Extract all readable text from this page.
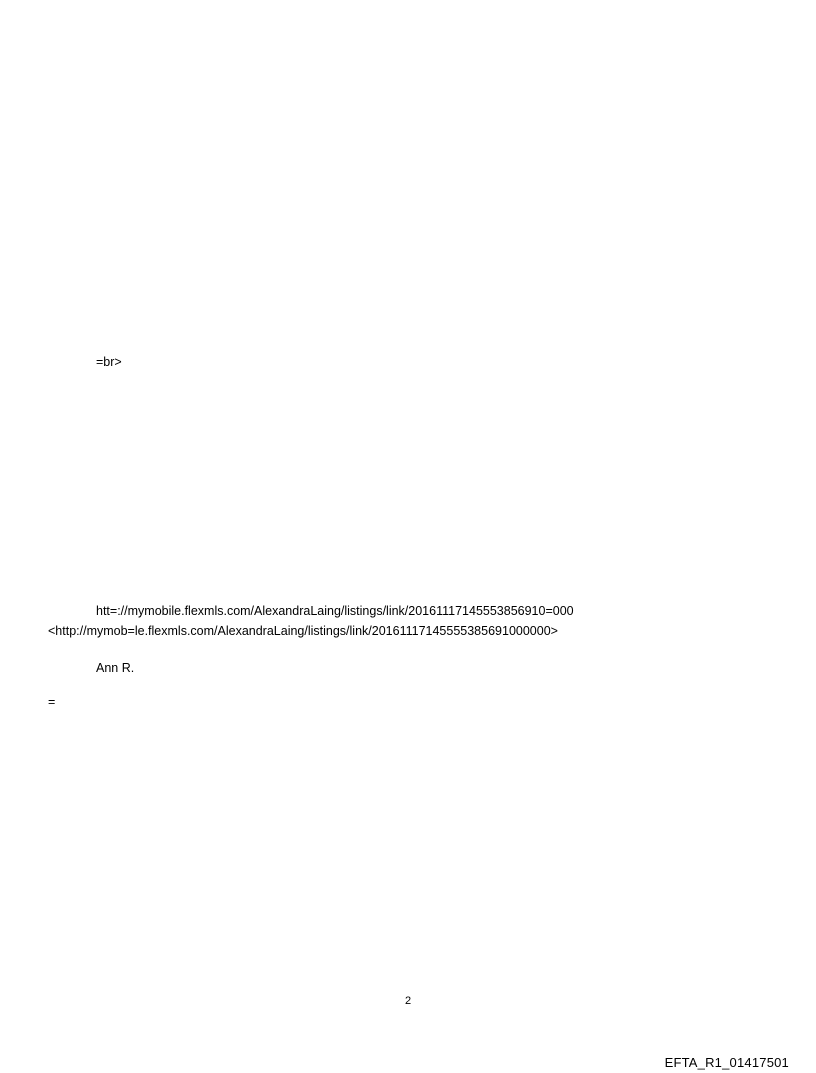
=br>
htt=://mymobile.flexmls.com/AlexandraLaing/listings/link/20161117145553856910=000
<http://mymob=le.flexmls.com/AlexandraLaing/listings/link/20161117145555385691000000>
Ann R.
=
2
EFTA_R1_01417501
